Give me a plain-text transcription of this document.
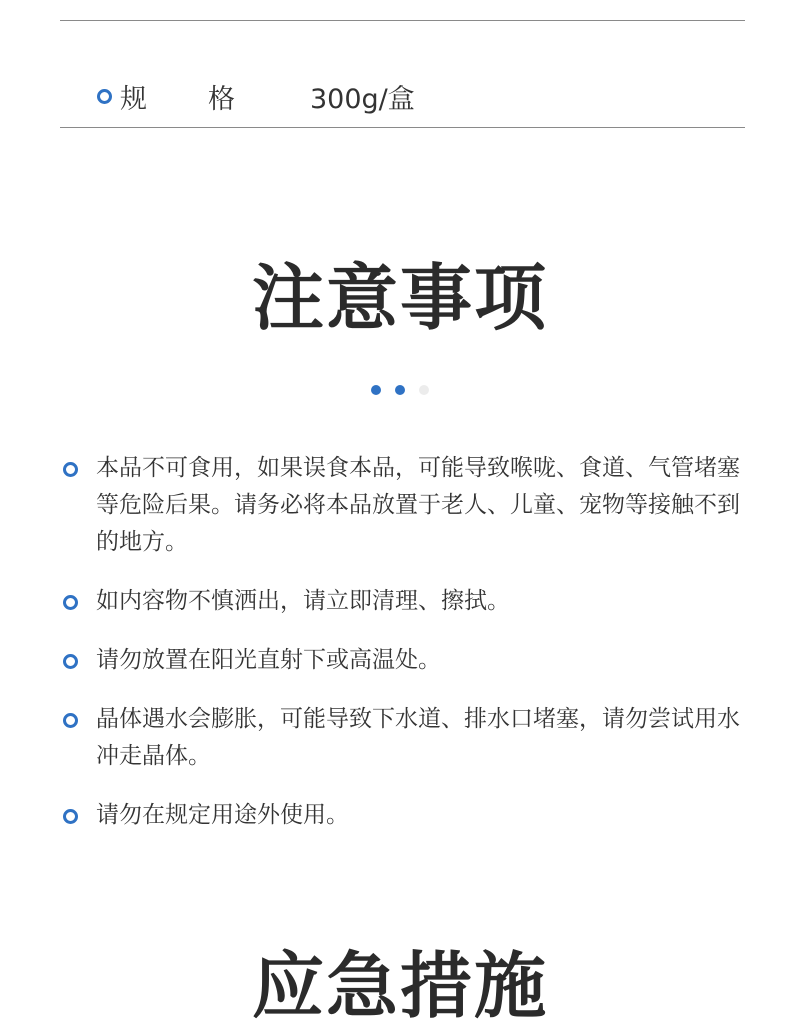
规 格	300g/盒
注意事项
本品不可食用，如果误食本品，可能导致喉咙、食道、气管堵塞等危险后果。请务必将本品放置于老人、儿童、宠物等接触不到的地方。
如内容物不慎洒出，请立即清理、擦拭。
请勿放置在阳光直射下或高温处。
晶体遇水会膨胀，可能导致下水道、排水口堵塞，请勿尝试用水冲走晶体。
请勿在规定用途外使用。
应急措施
